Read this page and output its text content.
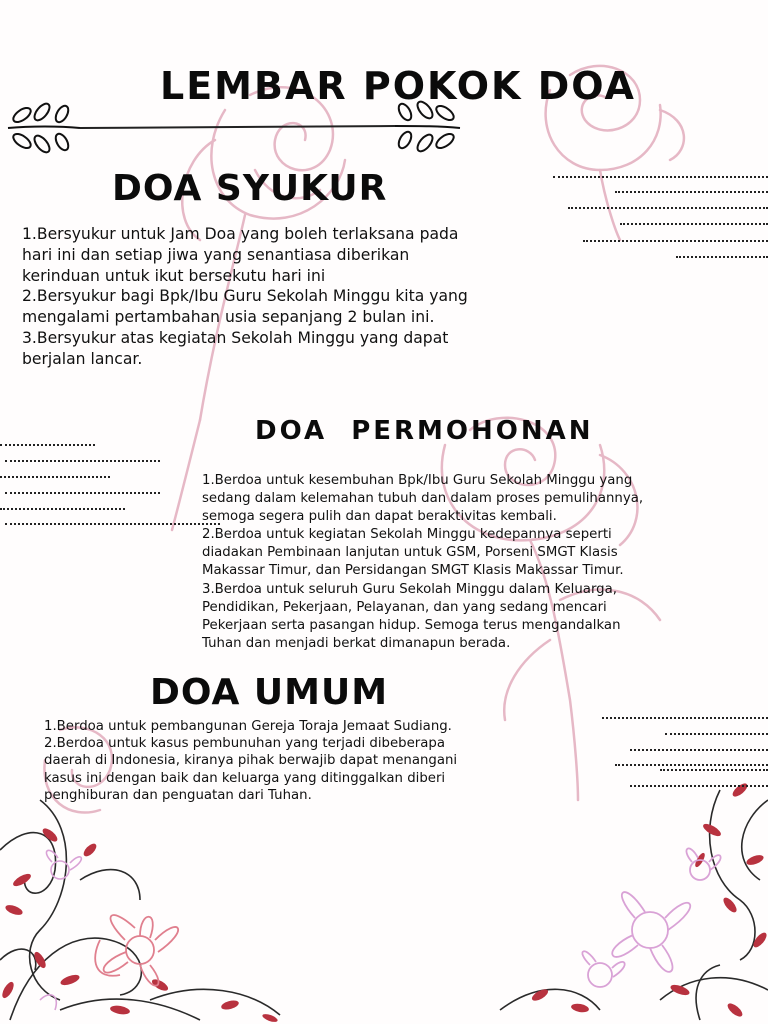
LEMBAR POKOK DOA
DOA SYUKUR

1.Bersyukur untuk Jam Doa yang boleh terlaksana pada
hari ini dan setiap jiwa yang senantiasa diberikan
kerinduan untuk ikut bersekutu hari ini
2.Bersyukur bagi Bpk/Ibu Guru Sekolah Minggu kita yang
mengalami pertambahan usia sepanjang 2 bulan ini.
3.Bersyukur atas kegiatan Sekolah Minggu yang dapat
berjalan lancar.

DOA  PERMOHONAN

1.Berdoa untuk kesembuhan Bpk/Ibu Guru Sekolah Minggu yang
sedang dalam kelemahan tubuh dan dalam proses pemulihannya,
semoga segera pulih dan dapat beraktivitas kembali.
2.Berdoa untuk kegiatan Sekolah Minggu kedepannya seperti
diadakan Pembinaan lanjutan untuk GSM, Porseni SMGT Klasis
Makassar Timur, dan Persidangan SMGT Klasis Makassar Timur.
3.Berdoa untuk seluruh Guru Sekolah Minggu dalam Keluarga,
Pendidikan, Pekerjaan, Pelayanan, dan yang sedang mencari
Pekerjaan serta pasangan hidup. Semoga terus mengandalkan
Tuhan dan menjadi berkat dimanapun berada.

DOA UMUM

1.Berdoa untuk pembangunan Gereja Toraja Jemaat Sudiang.
2.Berdoa untuk kasus pembunuhan yang terjadi dibeberapa
daerah di Indonesia, kiranya pihak berwajib dapat menangani
kasus ini dengan baik dan keluarga yang ditinggalkan diberi
penghiburan dan penguatan dari Tuhan.
